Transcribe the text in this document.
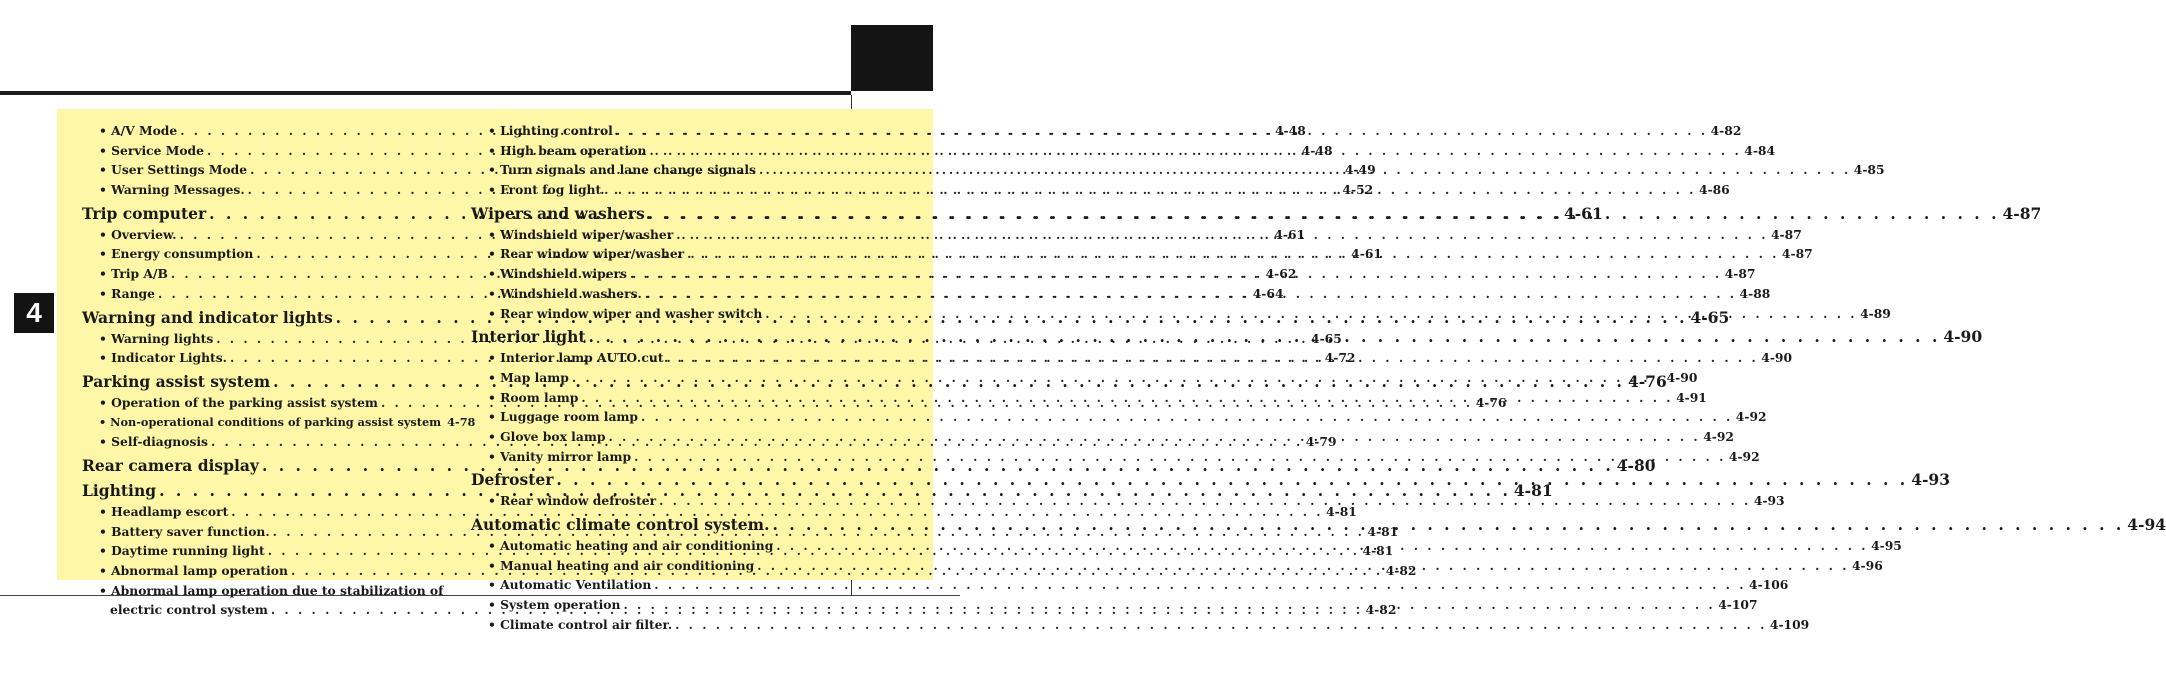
4
• A/V Mode . . .	4-48
• Service Mode . . .	4-48
• User Settings Mode . . .	4-49
• Warning Messages. . . .	4-52
Trip computer . . .	4-61
• Overview. . . .	4-61
• Energy consumption . . .	4-61
• Trip A/B . . .	4-62
• Range . . .	4-64
Warning and indicator lights . . .	4-65
• Warning lights . . .	4-65
• Indicator Lights. . . .	4-72
Parking assist system . . .	4-76
• Operation of the parking assist system . . .	4-76
• Non-operational conditions of parking assist system 4-78
• Self-diagnosis . . .	4-79
Rear camera display . . .	4-80
Lighting . . .	4-81
• Headlamp escort . . .	4-81
• Battery saver function. . . .	4-81
• Daytime running light . . .	4-81
• Abnormal lamp operation . . .	4-82
• Abnormal lamp operation due to stabilization of
electric control system . . .	4-82
• Lighting control . . .	4-82
• High beam operation . . .	4-84
• Turn signals and lane change signals . . .	4-85
• Front fog light . . .	4-86
Wipers and washers . . .	4-87
• Windshield wiper/washer . . .	4-87
• Rear window wiper/washer . . .	4-87
• Windshield wipers . . .	4-87
• Windshield washers. . . .	4-88
• Rear window wiper and washer switch . . .	4-89
Interior light . . .	4-90
• Interior lamp AUTO cut . . .	4-90
• Map lamp . . .	4-90
• Room lamp . . .	4-91
• Luggage room lamp . . .	4-92
• Glove box lamp . . .	4-92
• Vanity mirror lamp . . .	4-92
Defroster . . .	4-93
• Rear window defroster . . .	4-93
Automatic climate control system. . . .	4-94
• Automatic heating and air conditioning . . .	4-95
• Manual heating and air conditioning . . .	4-96
• Automatic Ventilation . . .	4-106
• System operation . . .	4-107
• Climate control air filter. . . .	4-109
